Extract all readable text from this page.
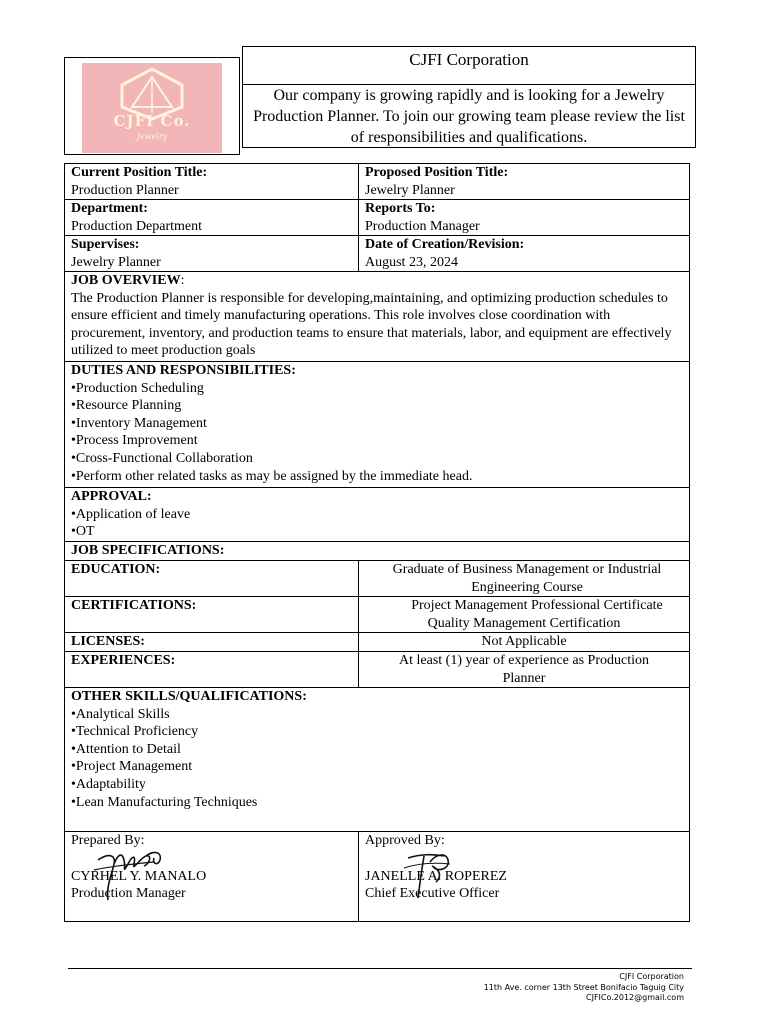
CJFI Co.
Jewelry
CJFI Corporation
Our company is growing rapidly and is looking for a Jewelry Production Planner. To join our growing team please review the list of responsibilities and qualifications.
Current Position Title:
Production Planner
Proposed Position Title:
Jewelry Planner
Department:
Production Department
Reports To:
Production Manager
Supervises:
Jewelry Planner
Date of Creation/Revision:
August 23, 2024
JOB OVERVIEW:
The Production Planner is responsible for developing,maintaining, and optimizing production schedules to ensure efficient and timely manufacturing operations. This role involves close coordination with procurement, inventory, and production teams to ensure that materials, labor, and equipment are effectively utilized to meet production goals
DUTIES AND RESPONSIBILITIES:
•Production Scheduling
•Resource Planning
•Inventory Management
•Process Improvement
•Cross-Functional Collaboration
•Perform other related tasks as may be assigned by the immediate head.
APPROVAL:
•Application of leave
•OT
JOB SPECIFICATIONS:
EDUCATION:	Graduate of Business Management or Industrial Engineering Course
CERTIFICATIONS:	Project Management Professional Certificate
Quality Management Certification
LICENSES:	Not Applicable
EXPERIENCES:	At least (1) year of experience as Production Planner
OTHER SKILLS/QUALIFICATIONS:
•Analytical Skills
•Technical Proficiency
•Attention to Detail
•Project Management
•Adaptability
•Lean Manufacturing Techniques
Prepared By:
CYRHEL Y. MANALO
Production Manager
Approved By:
JANELLE A. ROPEREZ
Chief Executive Officer
CJFI Corporation
11th Ave. corner 13th Street Bonifacio Taguig City
CJFICo.2012@gmail.com
